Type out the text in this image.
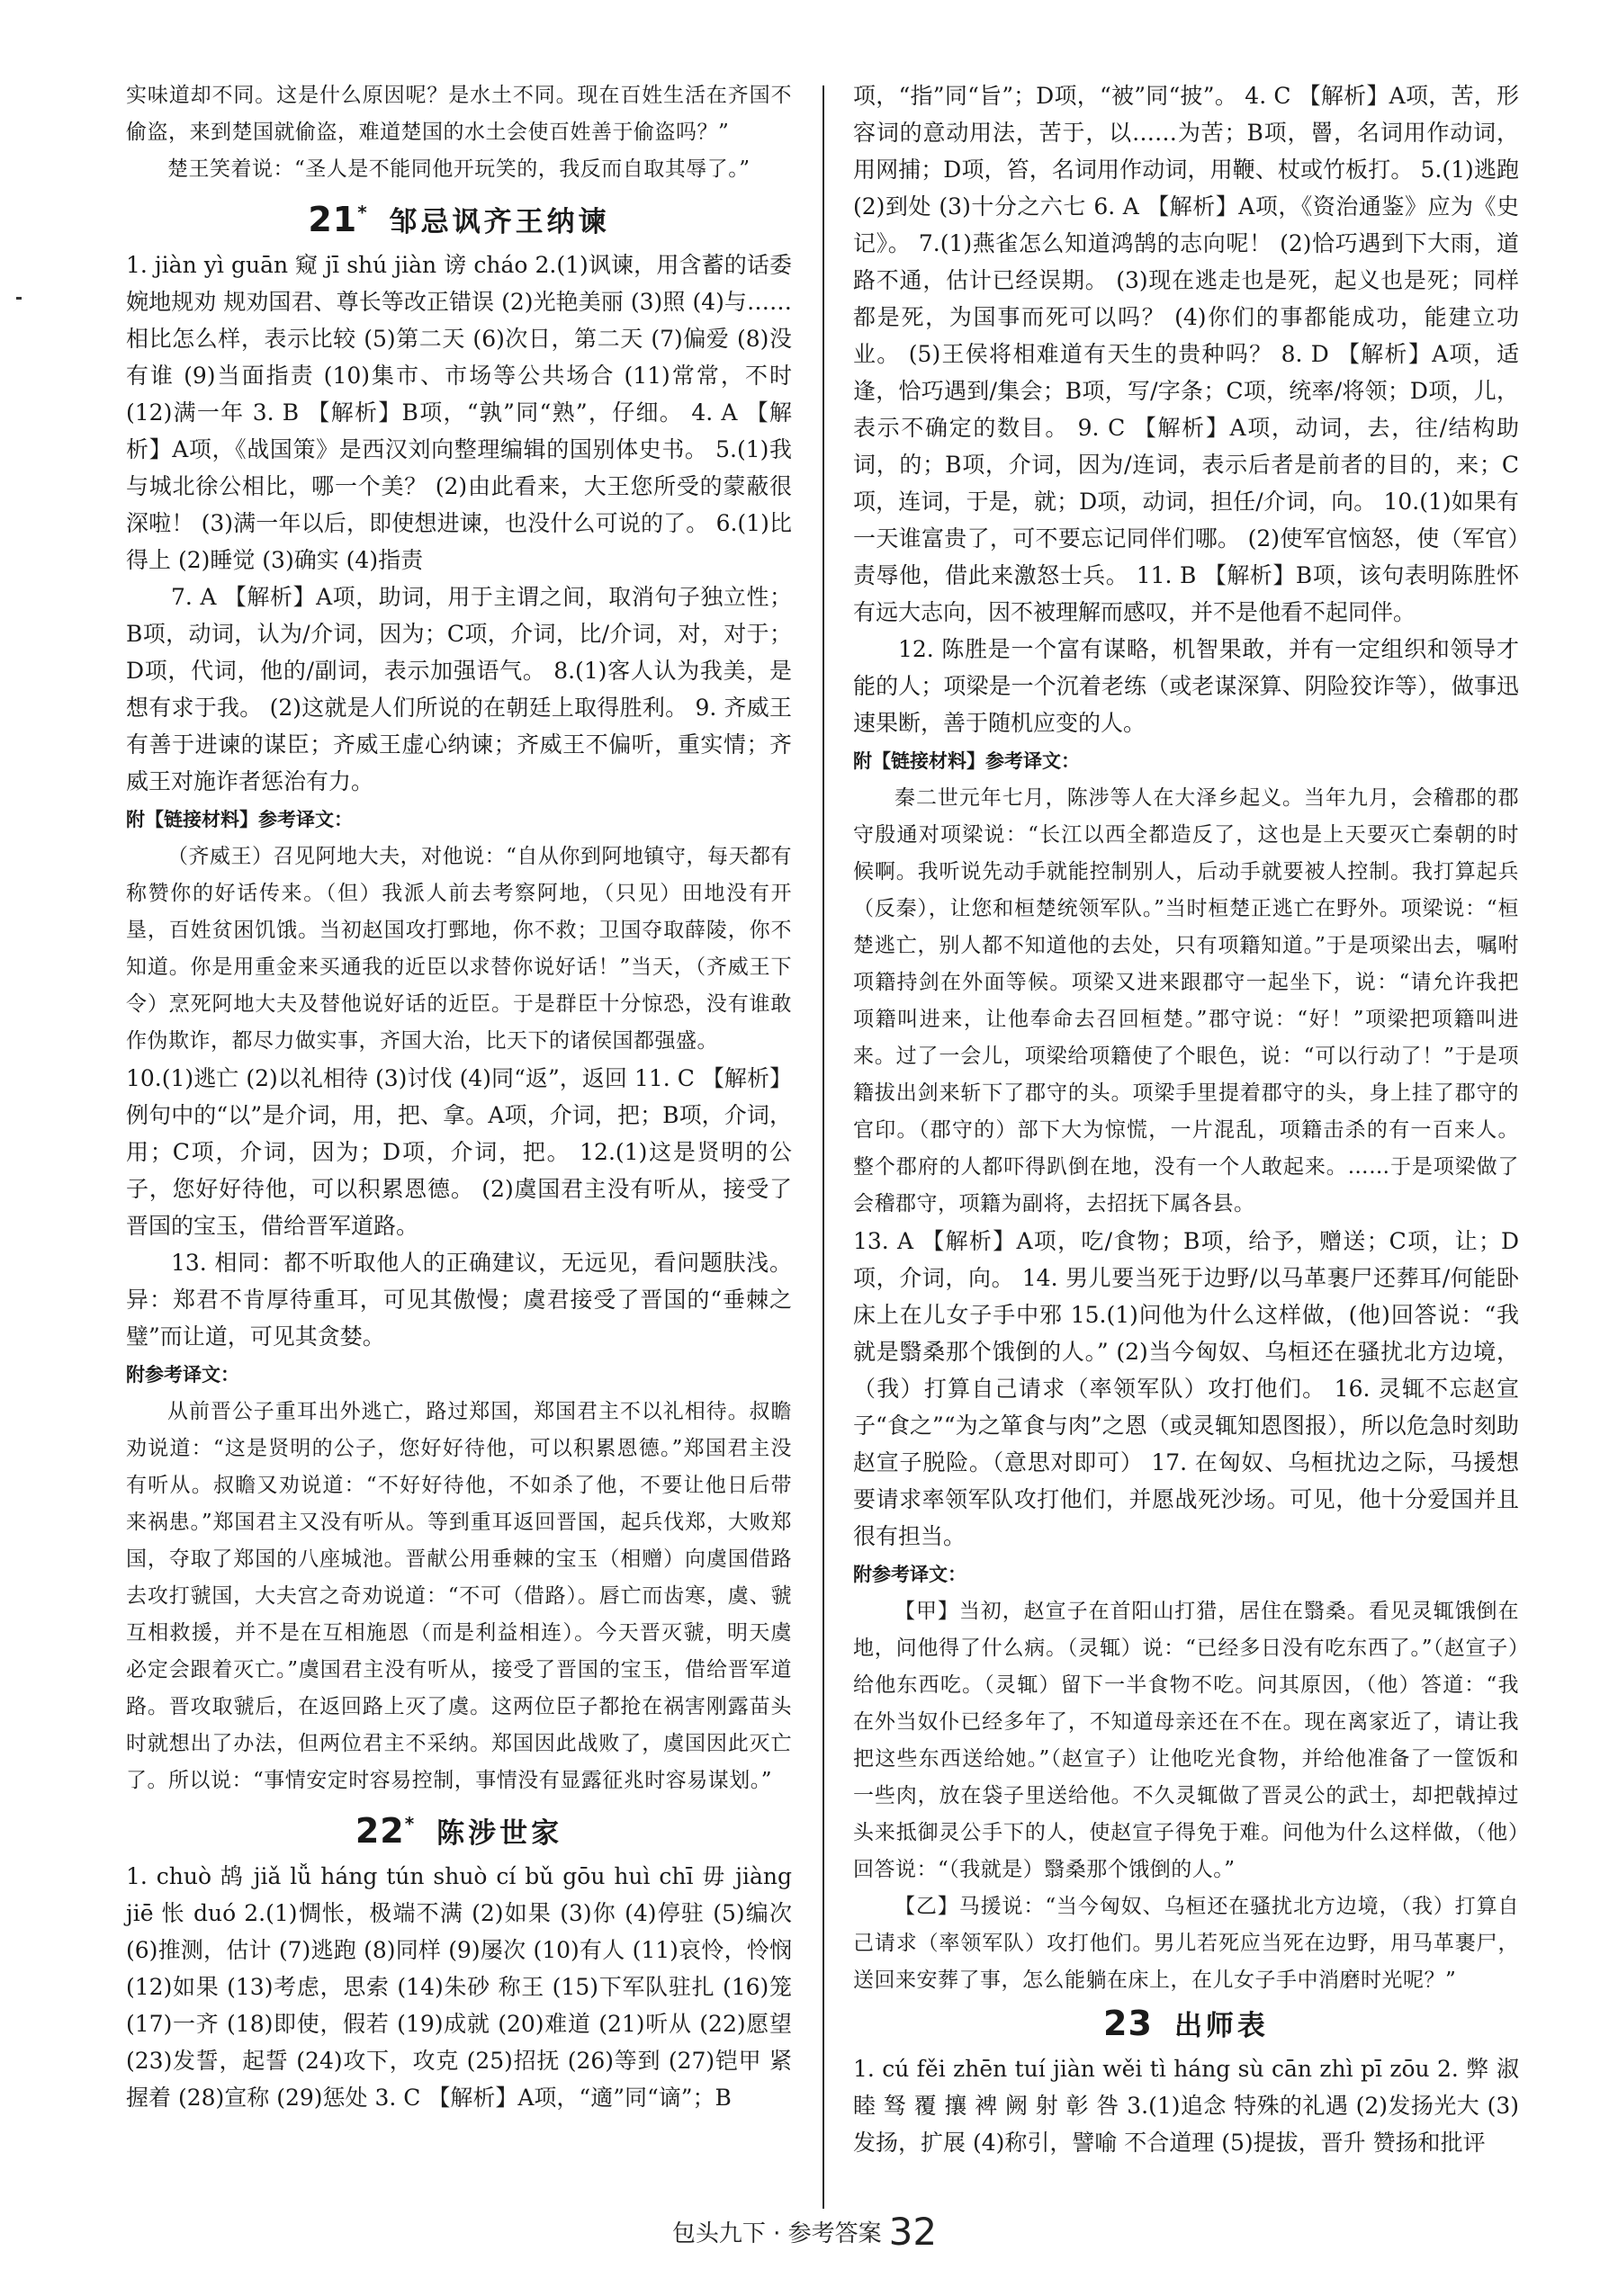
实味道却不同。这是什么原因呢？是水土不同。现在百姓生活在齐国不偷盗，来到楚国就偷盗，难道楚国的水土会使百姓善于偷盗吗？”

楚王笑着说：“圣人是不能同他开玩笑的，我反而自取其辱了。”

21* 邹忌讽齐王纳谏

1. jiàn yì guān 窥 jī shú jiàn 谤 cháo 2.(1)讽谏，用含蓄的话委婉地规劝 规劝国君、尊长等改正错误 (2)光艳美丽 (3)照 (4)与……相比怎么样，表示比较 (5)第二天 (6)次日，第二天 (7)偏爱 (8)没有谁 (9)当面指责 (10)集市、市场等公共场合 (11)常常，不时 (12)满一年 3. B 【解析】B项，“孰”同“熟”，仔细。 4. A 【解析】A项，《战国策》是西汉刘向整理编辑的国别体史书。 5.(1)我与城北徐公相比，哪一个美？ (2)由此看来，大王您所受的蒙蔽很深啦！ (3)满一年以后，即使想进谏，也没什么可说的了。 6.(1)比得上 (2)睡觉 (3)确实 (4)指责

7. A 【解析】A项，助词，用于主谓之间，取消句子独立性；B项，动词，认为/介词，因为；C项，介词，比/介词，对，对于；D项，代词，他的/副词，表示加强语气。 8.(1)客人认为我美，是想有求于我。 (2)这就是人们所说的在朝廷上取得胜利。 9. 齐威王有善于进谏的谋臣；齐威王虚心纳谏；齐威王不偏听，重实情；齐威王对施诈者惩治有力。

附【链接材料】参考译文：

（齐威王）召见阿地大夫，对他说：“自从你到阿地镇守，每天都有称赞你的好话传来。（但）我派人前去考察阿地，（只见）田地没有开垦，百姓贫困饥饿。当初赵国攻打鄄地，你不救；卫国夺取薛陵，你不知道。你是用重金来买通我的近臣以求替你说好话！”当天，（齐威王下令）烹死阿地大夫及替他说好话的近臣。于是群臣十分惊恐，没有谁敢作伪欺诈，都尽力做实事，齐国大治，比天下的诸侯国都强盛。

10.(1)逃亡 (2)以礼相待 (3)讨伐 (4)同“返”，返回 11. C 【解析】例句中的“以”是介词，用，把、拿。A项，介词，把；B项，介词，用；C项，介词，因为；D项，介词，把。 12.(1)这是贤明的公子，您好好待他，可以积累恩德。 (2)虞国君主没有听从，接受了晋国的宝玉，借给晋军道路。

13. 相同：都不听取他人的正确建议，无远见，看问题肤浅。异：郑君不肯厚待重耳，可见其傲慢；虞君接受了晋国的“垂棘之璧”而让道，可见其贪婪。

附参考译文：

从前晋公子重耳出外逃亡，路过郑国，郑国君主不以礼相待。叔瞻劝说道：“这是贤明的公子，您好好待他，可以积累恩德。”郑国君主没有听从。叔瞻又劝说道：“不好好待他，不如杀了他，不要让他日后带来祸患。”郑国君主又没有听从。等到重耳返回晋国，起兵伐郑，大败郑国，夺取了郑国的八座城池。晋献公用垂棘的宝玉（相赠）向虞国借路去攻打虢国，大夫宫之奇劝说道：“不可（借路）。唇亡而齿寒，虞、虢互相救援，并不是在互相施恩（而是利益相连）。今天晋灭虢，明天虞必定会跟着灭亡。”虞国君主没有听从，接受了晋国的宝玉，借给晋军道路。晋攻取虢后，在返回路上灭了虞。这两位臣子都抢在祸害刚露苗头时就想出了办法，但两位君主不采纳。郑国因此战败了，虞国因此灭亡了。所以说：“事情安定时容易控制，事情没有显露征兆时容易谋划。”

22* 陈涉世家

1. chuò 鸪 jiǎ lǚ háng tún shuò cí bǔ gōu huì chī 毋 jiàng jiē 怅 duó 2.(1)惆怅，极端不满 (2)如果 (3)你 (4)停驻 (5)编次 (6)推测，估计 (7)逃跑 (8)同样 (9)屡次 (10)有人 (11)哀怜，怜悯 (12)如果 (13)考虑，思索 (14)朱砂 称王 (15)下军队驻扎 (16)笼 (17)一齐 (18)即使，假若 (19)成就 (20)难道 (21)听从 (22)愿望 (23)发誓，起誓 (24)攻下，攻克 (25)招抚 (26)等到 (27)铠甲 紧握着 (28)宣称 (29)惩处 3. C 【解析】A项，“適”同“谪”；B

项，“指”同“旨”；D项，“被”同“披”。 4. C 【解析】A项，苦，形容词的意动用法，苦于，以……为苦；B项，罾，名词用作动词，用网捕；D项，笞，名词用作动词，用鞭、杖或竹板打。 5.(1)逃跑 (2)到处 (3)十分之六七 6. A 【解析】A项，《资治通鉴》应为《史记》。 7.(1)燕雀怎么知道鸿鹄的志向呢！ (2)恰巧遇到下大雨，道路不通，估计已经误期。 (3)现在逃走也是死，起义也是死；同样都是死，为国事而死可以吗？ (4)你们的事都能成功，能建立功业。 (5)王侯将相难道有天生的贵种吗？ 8. D 【解析】A项，适逢，恰巧遇到/集会；B项，写/字条；C项，统率/将领；D项，儿，表示不确定的数目。 9. C 【解析】A项，动词，去，往/结构助词，的；B项，介词，因为/连词，表示后者是前者的目的，来；C项，连词，于是，就；D项，动词，担任/介词，向。 10.(1)如果有一天谁富贵了，可不要忘记同伴们哪。 (2)使军官恼怒，使（军官）责辱他，借此来激怒士兵。 11. B 【解析】B项，该句表明陈胜怀有远大志向，因不被理解而感叹，并不是他看不起同伴。

12. 陈胜是一个富有谋略，机智果敢，并有一定组织和领导才能的人；项梁是一个沉着老练（或老谋深算、阴险狡诈等），做事迅速果断，善于随机应变的人。

附【链接材料】参考译文：

秦二世元年七月，陈涉等人在大泽乡起义。当年九月，会稽郡的郡守殷通对项梁说：“长江以西全都造反了，这也是上天要灭亡秦朝的时候啊。我听说先动手就能控制别人，后动手就要被人控制。我打算起兵（反秦），让您和桓楚统领军队。”当时桓楚正逃亡在野外。项梁说：“桓楚逃亡，别人都不知道他的去处，只有项籍知道。”于是项梁出去，嘱咐项籍持剑在外面等候。项梁又进来跟郡守一起坐下，说：“请允许我把项籍叫进来，让他奉命去召回桓楚。”郡守说：“好！”项梁把项籍叫进来。过了一会儿，项梁给项籍使了个眼色，说：“可以行动了！”于是项籍拔出剑来斩下了郡守的头。项梁手里提着郡守的头，身上挂了郡守的官印。（郡守的）部下大为惊慌，一片混乱，项籍击杀的有一百来人。整个郡府的人都吓得趴倒在地，没有一个人敢起来。……于是项梁做了会稽郡守，项籍为副将，去招抚下属各县。

13. A 【解析】A项，吃/食物；B项，给予，赠送；C项，让；D项，介词，向。 14. 男儿要当死于边野/以马革裹尸还葬耳/何能卧床上在儿女子手中邪 15.(1)问他为什么这样做，(他)回答说：“我就是翳桑那个饿倒的人。” (2)当今匈奴、乌桓还在骚扰北方边境，（我）打算自己请求（率领军队）攻打他们。 16. 灵辄不忘赵宣子“食之”“为之箪食与肉”之恩（或灵辄知恩图报），所以危急时刻助赵宣子脱险。（意思对即可） 17. 在匈奴、乌桓扰边之际，马援想要请求率领军队攻打他们，并愿战死沙场。可见，他十分爱国并且很有担当。

附参考译文：

【甲】当初，赵宣子在首阳山打猎，居住在翳桑。看见灵辄饿倒在地，问他得了什么病。（灵辄）说：“已经多日没有吃东西了。”（赵宣子）给他东西吃。（灵辄）留下一半食物不吃。问其原因，（他）答道：“我在外当奴仆已经多年了，不知道母亲还在不在。现在离家近了，请让我把这些东西送给她。”（赵宣子）让他吃光食物，并给他准备了一筐饭和一些肉，放在袋子里送给他。不久灵辄做了晋灵公的武士，却把戟掉过头来抵御灵公手下的人，使赵宣子得免于难。问他为什么这样做，（他）回答说：“（我就是）翳桑那个饿倒的人。”

【乙】马援说：“当今匈奴、乌桓还在骚扰北方边境，（我）打算自己请求（率领军队）攻打他们。男儿若死应当死在边野，用马革裹尸，送回来安葬了事，怎么能躺在床上，在儿女子手中消磨时光呢？”

23 出师表

1. cú fěi zhēn tuí jiàn wěi tì háng sù cān zhì pī zōu 2. 弊 淑 睦 驽 覆 攘 裨 阙 射 彰 咎 3.(1)追念 特殊的礼遇 (2)发扬光大 (3)发扬，扩展 (4)称引，譬喻 不合道理 (5)提拔，晋升 赞扬和批评

包头九下 · 参考答案 32
